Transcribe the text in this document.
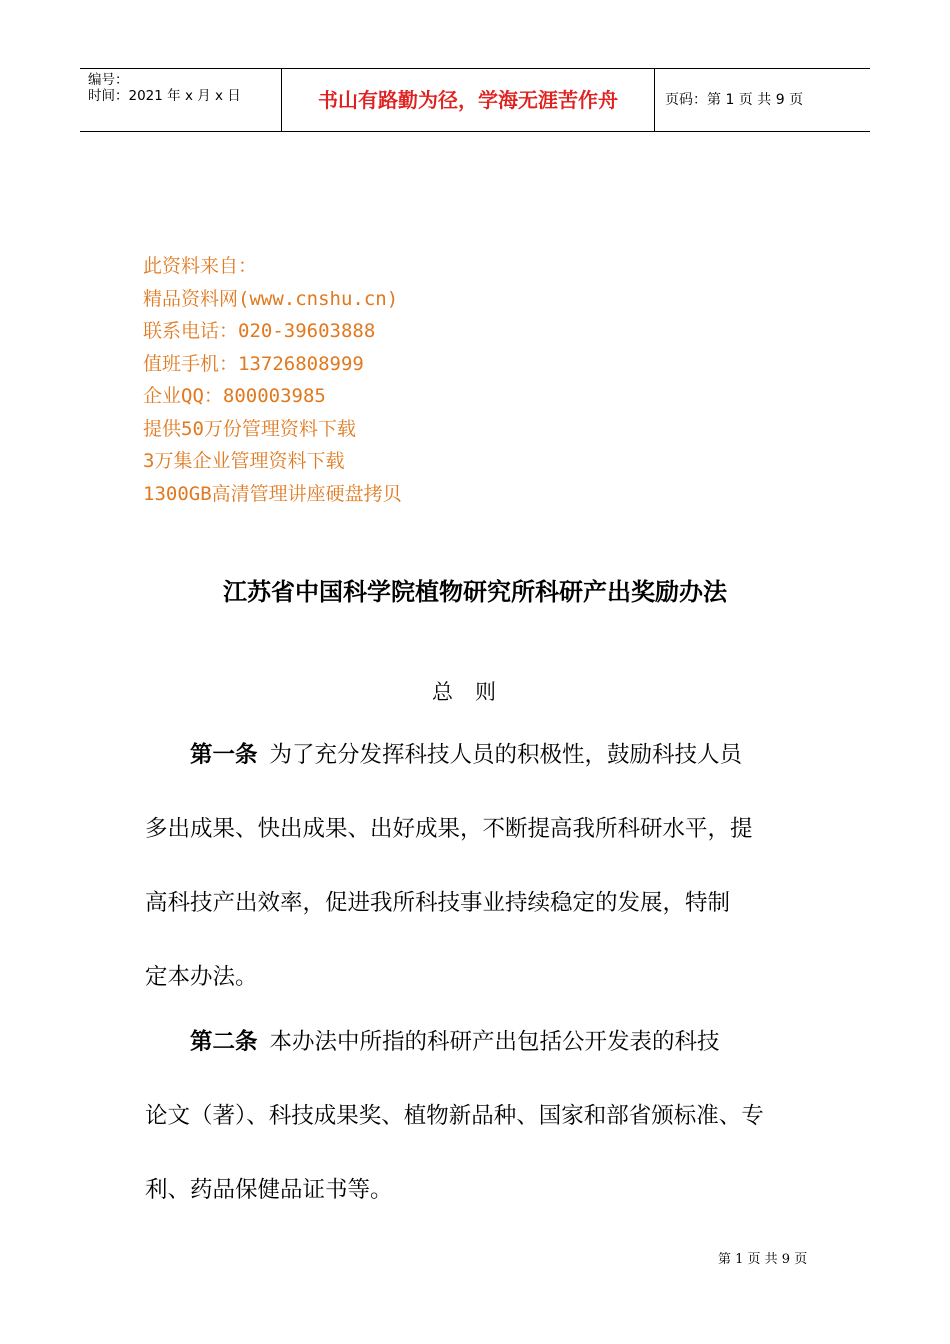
编号：
时间：2021 年 x 月 x 日	书山有路勤为径，学海无涯苦作舟	页码：第 1 页 共 9 页
此资料来自：
精品资料网(www.cnshu.cn)
联系电话：020-39603888
值班手机：13726808999
企业QQ：800003985
提供50万份管理资料下载
3万集企业管理资料下载
1300GB高清管理讲座硬盘拷贝
江苏省中国科学院植物研究所科研产出奖励办法
总则
第一条 为了充分发挥科技人员的积极性，鼓励科技人员
多出成果、快出成果、出好成果，不断提高我所科研水平，提
高科技产出效率，促进我所科技事业持续稳定的发展，特制
定本办法。
第二条 本办法中所指的科研产出包括公开发表的科技
论文（著）、科技成果奖、植物新品种、国家和部省颁标准、专
利、药品保健品证书等。
第 1 页 共 9 页
